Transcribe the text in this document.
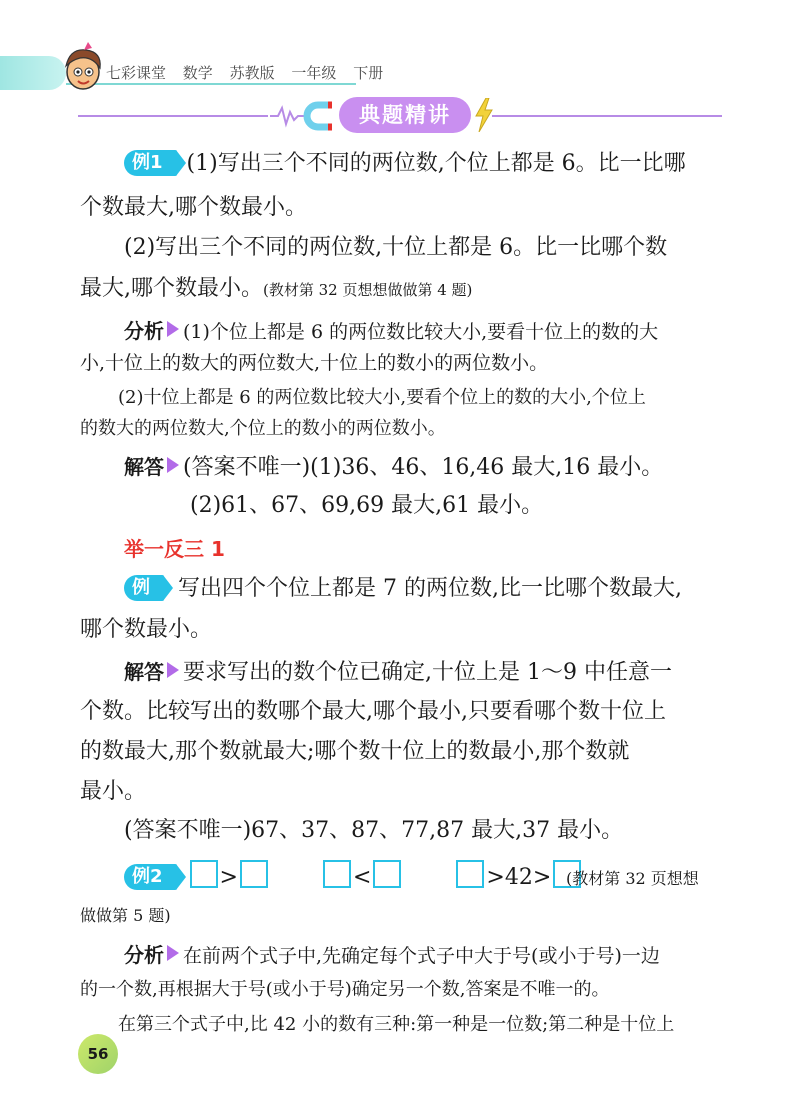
七彩课堂 数学 苏教版 一年级 下册
典题精讲
例1 (1)写出三个不同的两位数,个位上都是 6。比一比哪
个数最大,哪个数最小。
(2)写出三个不同的两位数,十位上都是 6。比一比哪个数
最大,哪个数最小。(教材第 32 页想想做做第 4 题)
分析 (1)个位上都是 6 的两位数比较大小,要看十位上的数的大
小,十位上的数大的两位数大,十位上的数小的两位数小。
(2)十位上都是 6 的两位数比较大小,要看个位上的数的大小,个位上
的数大的两位数大,个位上的数小的两位数小。
解答 (答案不唯一)(1)36、46、16,46 最大,16 最小。
(2)61、67、69,69 最大,61 最小。
举一反三 1
例 写出四个个位上都是 7 的两位数,比一比哪个数最大,
哪个数最小。
解答 要求写出的数个位已确定,十位上是 1～9 中任意一
个数。比较写出的数哪个最大,哪个最小,只要看哪个数十位上
的数最大,那个数就最大;哪个数十位上的数最小,那个数就
最小。
(答案不唯一)67、37、87、77,87 最大,37 最小。
例2	>	<	>42> (教材第 32 页想想
做做第 5 题)
分析 在前两个式子中,先确定每个式子中大于号(或小于号)一边
的一个数,再根据大于号(或小于号)确定另一个数,答案是不唯一的。
在第三个式子中,比 42 小的数有三种:第一种是一位数;第二种是十位上
56
